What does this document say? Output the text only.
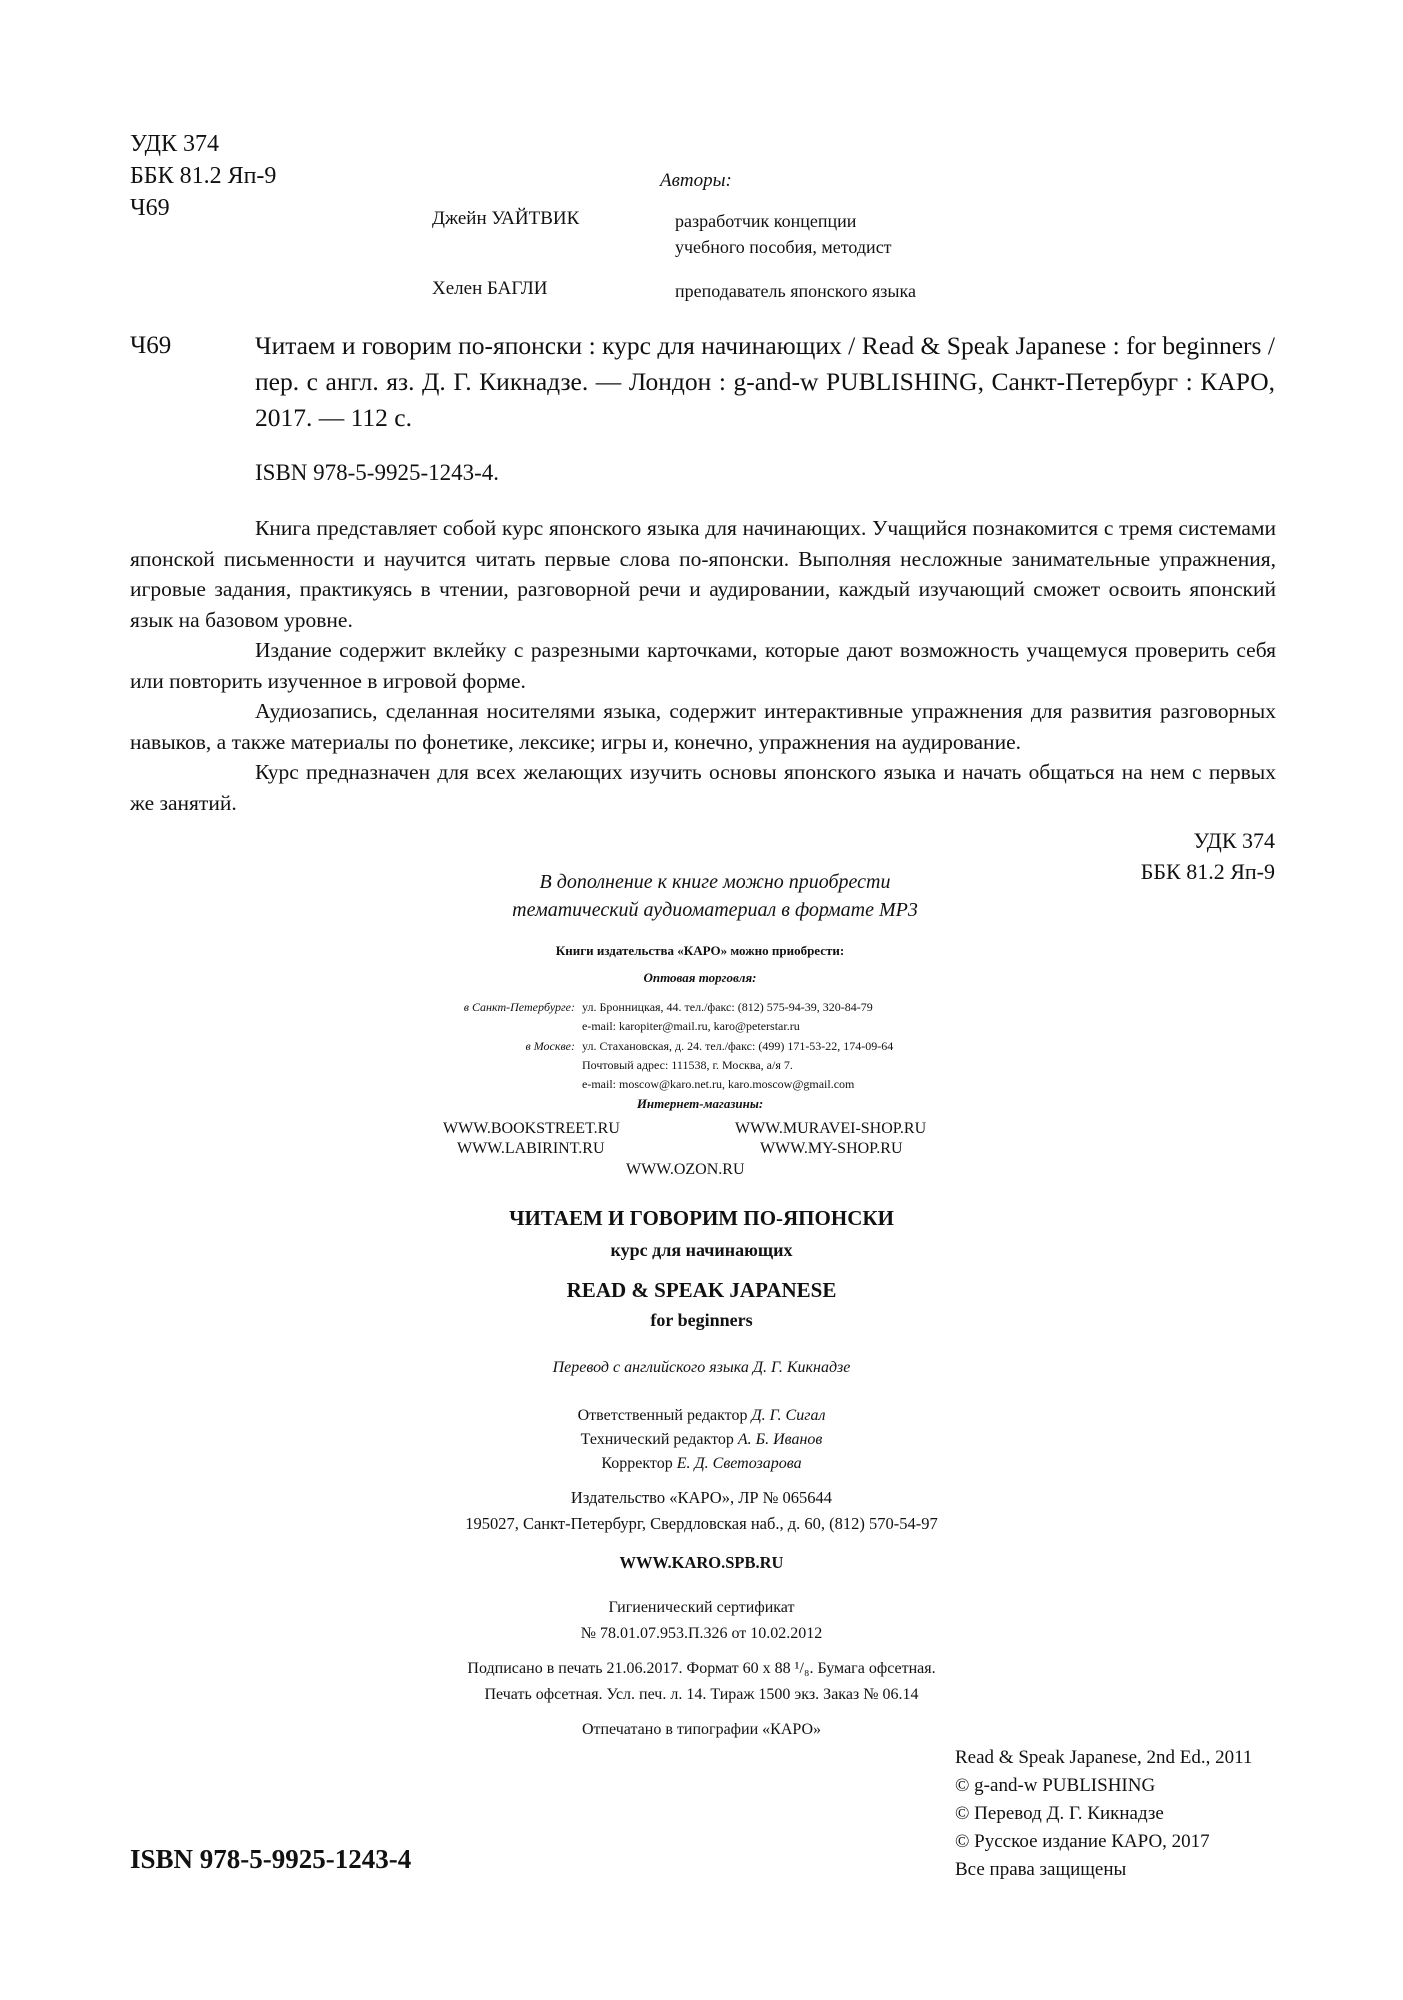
УДК 374
ББК 81.2 Яп-9
Ч69
Авторы:
Джейн УАЙТВИК	разработчик концепции
учебного пособия, методист
Хелен БАГЛИ	преподаватель японского языка
Ч69	Читаем и говорим по-японски : курс для начинающих / Read & Speak Japanese : for beginners / пер. с англ. яз. Д. Г. Кикнадзе. — Лондон : g-and-w PUBLISHING, Санкт-Петербург : КАРО, 2017. — 112 с.

ISBN 978-5-9925-1243-4.

Книга представляет собой курс японского языка для начинающих. Учащийся познакомится с тремя системами японской письменности и научится читать первые слова по-японски. Выполняя несложные занимательные упражнения, игровые задания, практикуясь в чтении, разговорной речи и аудировании, каждый изучающий сможет освоить японский язык на базовом уровне.

Издание содержит вклейку с разрезными карточками, которые дают возможность учащемуся проверить себя или повторить изученное в игровой форме.

Аудиозапись, сделанная носителями языка, содержит интерактивные упражнения для развития разговорных навыков, а также материалы по фонетике, лексике; игры и, конечно, упражнения на аудирование.

Курс предназначен для всех желающих изучить основы японского языка и начать общаться на нем с первых же занятий.

УДК 374
ББК 81.2 Яп-9
В дополнение к книге можно приобрести
тематический аудиоматериал в формате МР3
Книги издательства «КАРО» можно приобрести:
Оптовая торговля:
в Санкт-Петербурге: ул. Бронницкая, 44. тел./факс: (812) 575-94-39, 320-84-79
e-mail: karopiter@mail.ru, karo@peterstar.ru
в Москве: ул. Стахановская, д. 24. тел./факс: (499) 171-53-22, 174-09-64
Почтовый адрес: 111538, г. Москва, а/я 7.
e-mail: moscow@karo.net.ru, karo.moscow@gmail.com
Интернет-магазины:
WWW.BOOKSTREET.RU	WWW.MURAVEI-SHOP.RU
WWW.LABIRINT.RU	WWW.MY-SHOP.RU
WWW.OZON.RU
ЧИТАЕМ И ГОВОРИМ ПО-ЯПОНСКИ
курс для начинающих
READ & SPEAK JAPANESE
for beginners
Перевод с английского языка Д. Г. Кикнадзе
Ответственный редактор Д. Г. Сигал
Технический редактор А. Б. Иванов
Корректор Е. Д. Светозарова
Издательство «КАРО», ЛР № 065644
195027, Санкт-Петербург, Свердловская наб., д. 60, (812) 570-54-97
WWW.KARO.SPB.RU
Гигиенический сертификат
№ 78.01.07.953.П.326 от 10.02.2012
Подписано в печать 21.06.2017. Формат 60 х 88 ¹/₈. Бумага офсетная.
Печать офсетная. Усл. печ. л. 14. Тираж 1500 экз. Заказ № 06.14
Отпечатано в типографии «КАРО»
Read & Speak Japanese, 2nd Ed., 2011
© g-and-w PUBLISHING
© Перевод Д. Г. Кикнадзе
© Русское издание КАРО, 2017
Все права защищены
ISBN 978-5-9925-1243-4
